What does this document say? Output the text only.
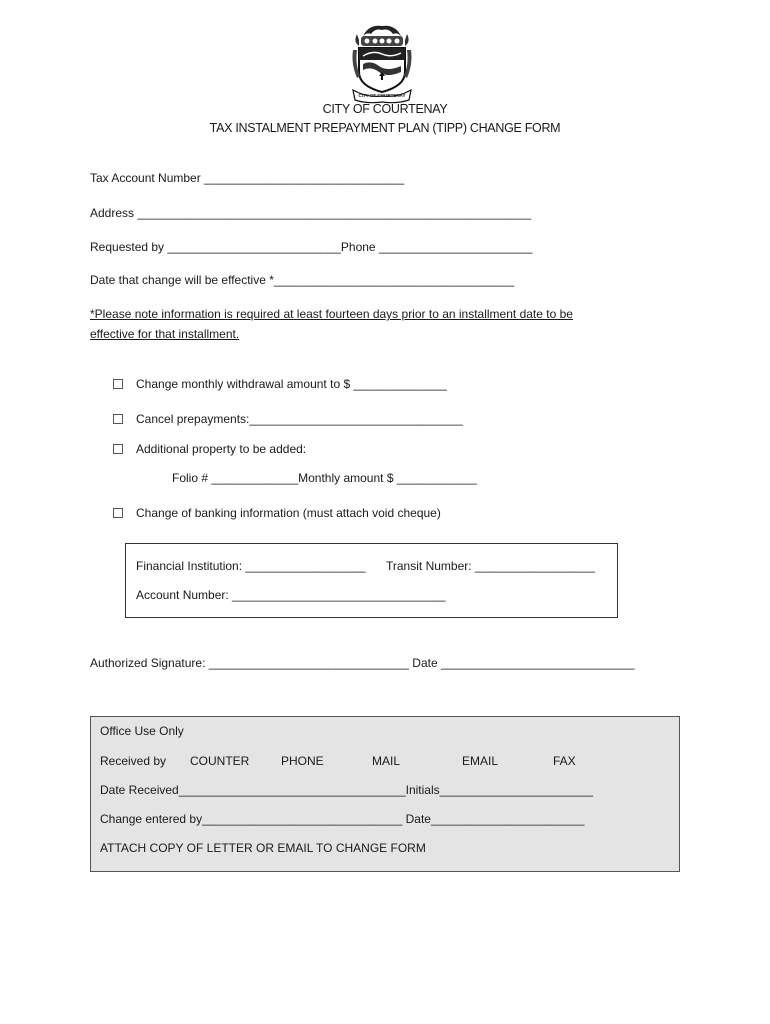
CITY OF COURTENAY
CITY OF COURTENAY
TAX INSTALMENT PREPAYMENT PLAN (TIPP) CHANGE FORM
Tax Account Number ______________________________
Address ___________________________________________________________
Requested by __________________________Phone _______________________
Date that change will be effective *____________________________________
*Please note information is required at least fourteen days prior to an installment date to be
effective for that installment.
Change monthly withdrawal amount to $ ______________
Cancel prepayments:________________________________
Additional property to be added:
Folio # _____________Monthly amount $ ____________
Change of banking information (must attach void cheque)
Financial Institution: __________________ Transit Number: __________________
Account Number: ________________________________
Authorized Signature: ______________________________ Date _____________________________
Office Use Only
Received by COUNTER	PHONE	MAIL	EMAIL	FAX
Date Received__________________________________Initials_______________________
Change entered by______________________________ Date_______________________
ATTACH COPY OF LETTER OR EMAIL TO CHANGE FORM
